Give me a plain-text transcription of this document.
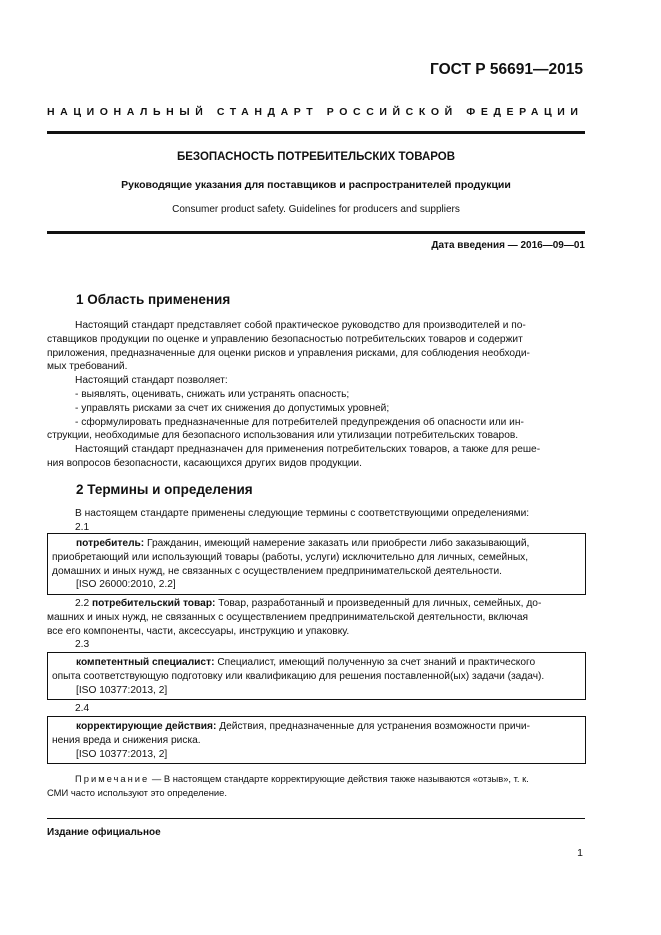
ГОСТ Р 56691—2015
НАЦИОНАЛЬНЫЙ СТАНДАРТ РОССИЙСКОЙ ФЕДЕРАЦИИ
БЕЗОПАСНОСТЬ ПОТРЕБИТЕЛЬСКИХ ТОВАРОВ
Руководящие указания для поставщиков и распространителей продукции
Consumer product safety. Guidelines for producers and suppliers
Дата введения — 2016—09—01
1 Область применения
Настоящий стандарт представляет собой практическое руководство для производителей и по-
ставщиков продукции по оценке и управлению безопасностью потребительских товаров и содержит
приложения, предназначенные для оценки рисков и управления рисками, для соблюдения необходи-
мых требований.
Настоящий стандарт позволяет:
- выявлять, оценивать, снижать или устранять опасность;
- управлять рисками за счет их снижения до допустимых уровней;
- сформулировать предназначенные для потребителей предупреждения об опасности или ин-
струкции, необходимые для безопасного использования или утилизации потребительских товаров.
Настоящий стандарт предназначен для применения потребительских товаров, а также для реше-
ния вопросов безопасности, касающихся других видов продукции.
2 Термины и определения
В настоящем стандарте применены следующие термины с соответствующими определениями:
2.1
потребитель: Гражданин, имеющий намерение заказать или приобрести либо заказывающий,
приобретающий или использующий товары (работы, услуги) исключительно для личных, семейных,
домашних и иных нужд, не связанных с осуществлением предпринимательской деятельности.
[ISO 26000:2010, 2.2]
2.2 потребительский товар: Товар, разработанный и произведенный для личных, семейных, до-
машних и иных нужд, не связанных с осуществлением предпринимательской деятельности, включая
все его компоненты, части, аксессуары, инструкцию и упаковку.
2.3
компетентный специалист: Специалист, имеющий полученную за счет знаний и практического
опыта соответствующую подготовку или квалификацию для решения поставленной(ых) задачи (задач).
[ISO 10377:2013, 2]
2.4
корректирующие действия: Действия, предназначенные для устранения возможности причи-
нения вреда и снижения риска.
[ISO 10377:2013, 2]
Примечание — В настоящем стандарте корректирующие действия также называются «отзыв», т. к.
СМИ часто используют это определение.
Издание официальное
1
